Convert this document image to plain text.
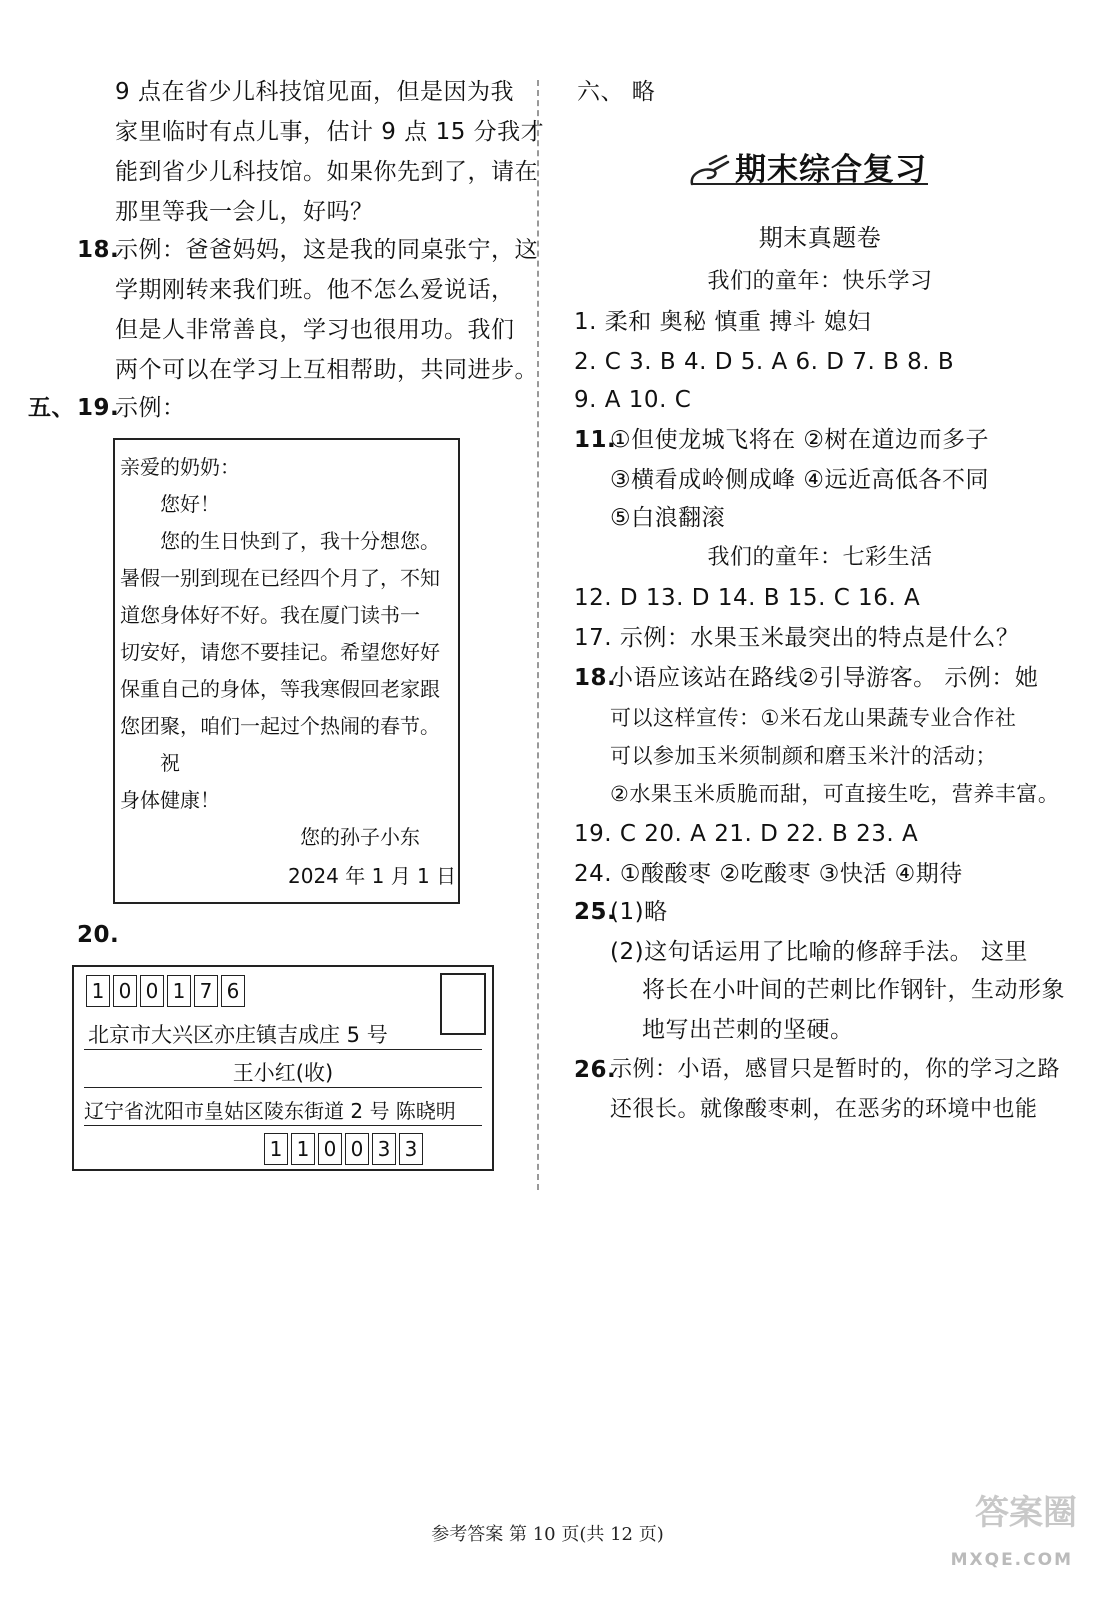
9 点在省少儿科技馆见面，但是因为我
家里临时有点儿事，估计 9 点 15 分我才
能到省少儿科技馆。如果你先到了，请在
那里等我一会儿，好吗？
18.
示例：爸爸妈妈，这是我的同桌张宁，这
学期刚转来我们班。他不怎么爱说话，
但是人非常善良，学习也很用功。我们
两个可以在学习上互相帮助，共同进步。
五、 19.
示例：
亲爱的奶奶：
您好！
您的生日快到了，我十分想您。
暑假一别到现在已经四个月了，不知
道您身体好不好。我在厦门读书一
切安好，请您不要挂记。希望您好好
保重自己的身体，等我寒假回老家跟
您团聚，咱们一起过个热闹的春节。
祝
身体健康！
您的孙子小东
2024 年 1 月 1 日
20.
1 0 0 1 7 6
北京市大兴区亦庄镇吉成庄 5 号
王小红(收)
辽宁省沈阳市皇姑区陵东街道 2 号 陈晓明
1 1 0 0 3 3
六、 略
期末综合复习
期末真题卷
我们的童年：快乐学习
1. 柔和 奥秘 慎重 搏斗 媳妇
2. C 3. B 4. D 5. A 6. D 7. B 8. B
9. A 10. C
11.
①但使龙城飞将在 ②树在道边而多子
③横看成岭侧成峰 ④远近高低各不同
⑤白浪翻滚
我们的童年：七彩生活
12. D 13. D 14. B 15. C 16. A
17. 示例：水果玉米最突出的特点是什么？
18.
小语应该站在路线②引导游客。 示例：她
可以这样宣传：①米石龙山果蔬专业合作社
可以参加玉米须制颜和磨玉米汁的活动；
②水果玉米质脆而甜，可直接生吃，营养丰富。
19. C 20. A 21. D 22. B 23. A
24. ①酸酸枣 ②吃酸枣 ③快活 ④期待
25.
(1)略
(2)这句话运用了比喻的修辞手法。 这里
将长在小叶间的芒刺比作钢针，生动形象
地写出芒刺的坚硬。
26.
示例：小语，感冒只是暂时的，你的学习之路
还很长。就像酸枣刺，在恶劣的环境中也能
参考答案 第 10 页(共 12 页)
答案圈
MXQE.COM
